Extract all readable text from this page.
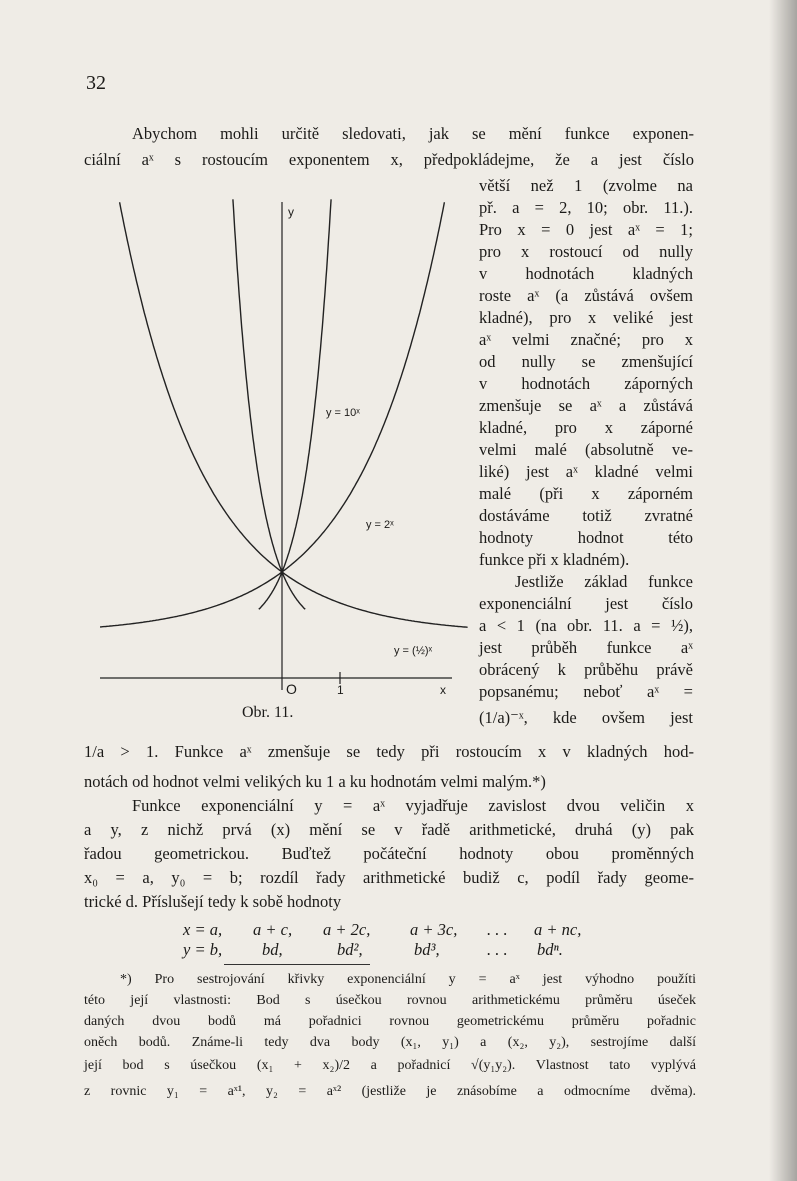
32
Abychom mohli určitě sledovati, jak se mění funkce exponen-
ciální aˣ s rostoucím exponentem x, předpokládejme, že a jest číslo
větší než 1 (zvolme na
př. a = 2, 10; obr. 11.).
Pro x = 0 jest aˣ = 1;
pro x rostoucí od nully
v hodnotách kladných
roste aˣ (a zůstává ovšem
kladné), pro x veliké jest
aˣ velmi značné; pro x
od nully se zmenšující
v hodnotách záporných
zmenšuje se aˣ a zůstává
kladné, pro x záporné
velmi malé (absolutně ve-
liké) jest aˣ kladné velmi
malé (při x záporném
dostáváme totiž zvratné
hodnoty hodnot této
funkce při x kladném).
Jestliže základ funkce
exponenciální jest číslo
a < 1 (na obr. 11. a = ½),
jest průběh funkce aˣ
obrácený k průběhu právě
popsanému; neboť aˣ =
(1/a)⁻ˣ, kde ovšem jest
1/a > 1. Funkce aˣ zmenšuje se tedy při rostoucím x v kladných hod-
notách od hodnot velmi velikých ku 1 a ku hodnotám velmi malým.*)
Funkce exponenciální y = aˣ vyjadřuje zavislost dvou veličin x
a y, z nichž prvá (x) mění se v řadě arithmetické, druhá (y) pak
řadou geometrickou. Buďtež počáteční hodnoty obou proměnných
x₀ = a, y₀ = b; rozdíl řady arithmetické budiž c, podíl řady geome-
trické d. Příslušejí tedy k sobě hodnoty
x = a, a + c, a + 2c, a + 3c, . . . a + nc,
y = b, bd,	bd²,	bd³,	. . . bdⁿ.
*) Pro sestrojování křivky exponenciální y = aˣ jest výhodno použíti
této její vlastnosti: Bod s úsečkou rovnou arithmetickému průměru úseček
daných dvou bodů má pořadnici rovnou geometrickému průměru pořadnic
oněch bodů. Známe-li tedy dva body (x₁, y₁) a (x₂, y₂), sestrojíme další
její bod s úsečkou (x₁ + x₂)/2 a pořadnicí √(y₁y₂). Vlastnost tato vyplývá
z rovnic y₁ = aˣ¹, y₂ = aˣ² (jestliže je znásobíme a odmocníme dvěma).
y
x
O	1
y = 10ˣ
y = 2ˣ
y = (½)ˣ
Obr. 11.
